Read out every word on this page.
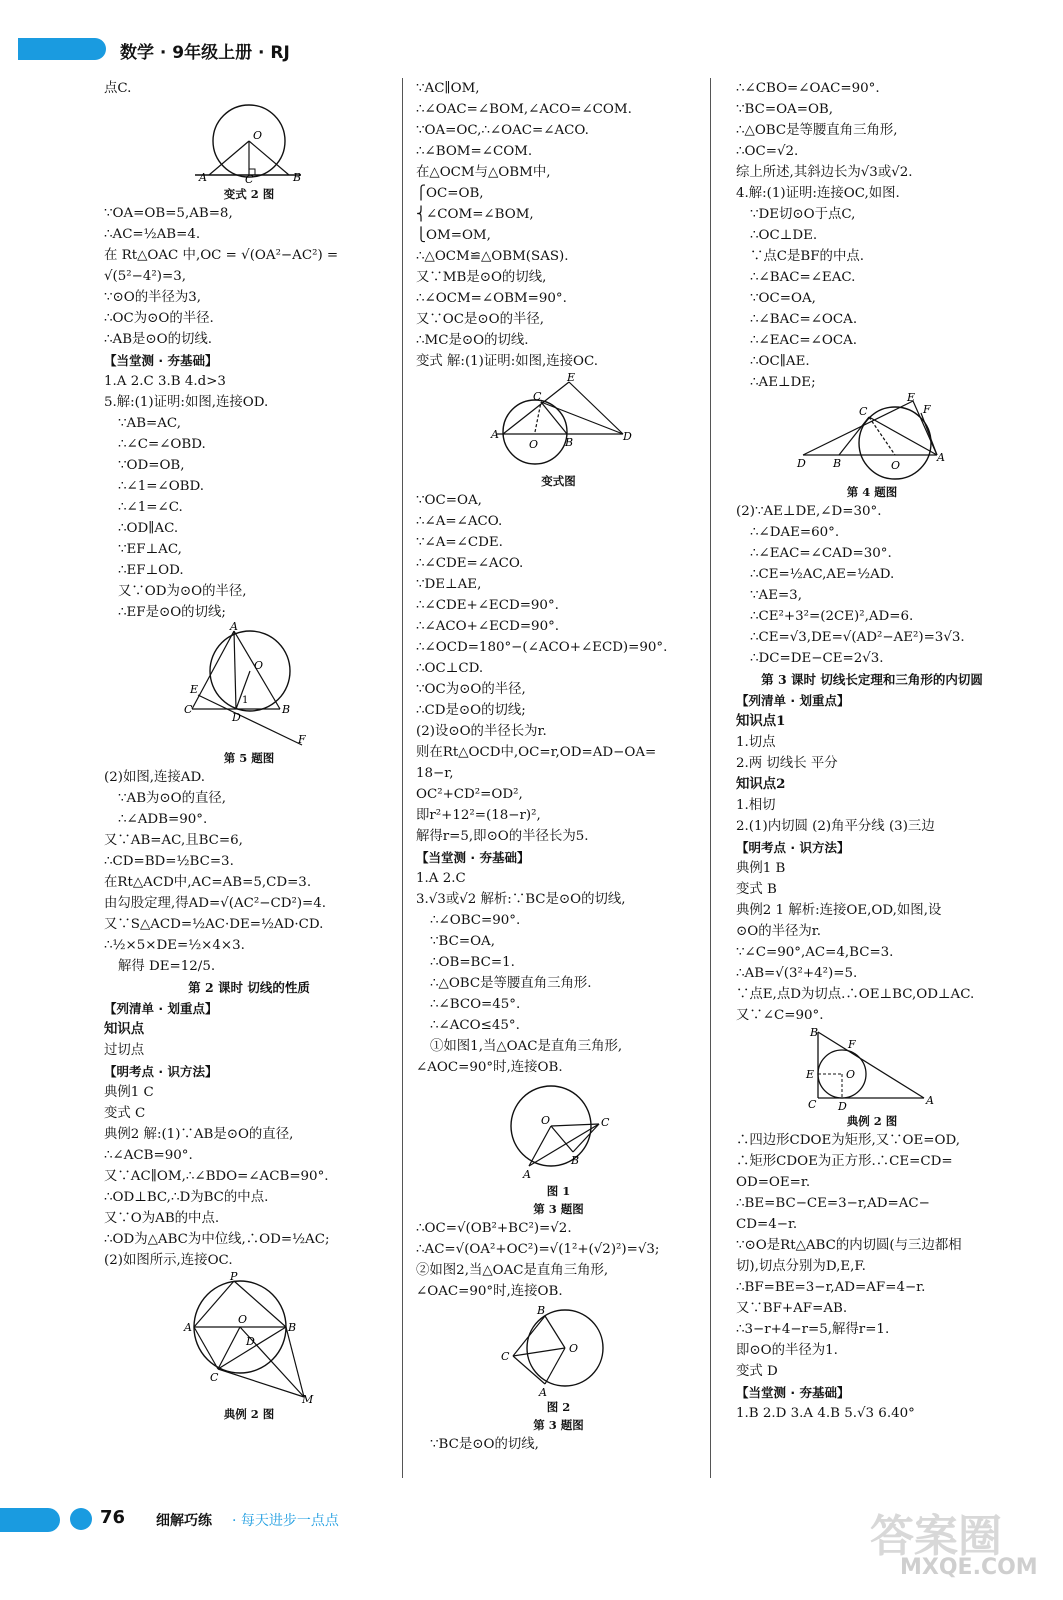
数学 · 9年级上册 · RJ
点C.
O
A	C	B
变式 2 图
∵OA=OB=5,AB=8,
∴AC=½AB=4.
在 Rt△OAC 中,OC = √(OA²−AC²) =
√(5²−4²)=3,
∵⊙O的半径为3,
∴OC为⊙O的半径.
∴AB是⊙O的切线.
【当堂测 · 夯基础】
1.A 2.C 3.B 4.d>3
5.解:(1)证明:如图,连接OD.
∵AB=AC,
∴∠C=∠OBD.
∵OD=OB,
∴∠1=∠OBD.
∴∠1=∠C.
∴OD∥AC.
∵EF⊥AC,
∴EF⊥OD.
又∵OD为⊙O的半径,
∴EF是⊙O的切线;
A
O
E
C
D
1
B
F
第 5 题图
(2)如图,连接AD.
∵AB为⊙O的直径,
∴∠ADB=90°.
又∵AB=AC,且BC=6,
∴CD=BD=½BC=3.
在Rt△ACD中,AC=AB=5,CD=3.
由勾股定理,得AD=√(AC²−CD²)=4.
又∵S△ACD=½AC·DE=½AD·CD.
∴½×5×DE=½×4×3.
解得 DE=12/5.
第 2 课时 切线的性质
【列清单 · 划重点】
知识点
过切点
【明考点 · 识方法】
典例1 C
变式 C
典例2 解:(1)∵AB是⊙O的直径,
∴∠ACB=90°.
又∵AC∥OM,∴∠BDO=∠ACB=90°.
∴OD⊥BC,∴D为BC的中点.
又∵O为AB的中点.
∴OD为△ABC为中位线,∴OD=½AC;
(2)如图所示,连接OC.
P
A
O
D
B
C
M
典例 2 图
∵AC∥OM,
∴∠OAC=∠BOM,∠ACO=∠COM.
∵OA=OC,∴∠OAC=∠ACO.
∴∠BOM=∠COM.
在△OCM与△OBM中,
⎧OC=OB,
⎨∠COM=∠BOM,
⎩OM=OM,
∴△OCM≌△OBM(SAS).
又∵MB是⊙O的切线,
∴∠OCM=∠OBM=90°.
又∵OC是⊙O的半径,
∴MC是⊙O的切线.
变式 解:(1)证明:如图,连接OC.
E
C
A
O B	D
变式图
∵OC=OA,
∴∠A=∠ACO.
∵∠A=∠CDE.
∴∠CDE=∠ACO.
∵DE⊥AE,
∴∠CDE+∠ECD=90°.
∴∠ACO+∠ECD=90°.
∴∠OCD=180°−(∠ACO+∠ECD)=90°.
∴OC⊥CD.
∵OC为⊙O的半径,
∴CD是⊙O的切线;
(2)设⊙O的半径长为r.
则在Rt△OCD中,OC=r,OD=AD−OA=
18−r,
OC²+CD²=OD²,
即r²+12²=(18−r)²,
解得r=5,即⊙O的半径长为5.
【当堂测 · 夯基础】
1.A 2.C
3.√3或√2 解析:∵BC是⊙O的切线,
∴∠OBC=90°.
∵BC=OA,
∴OB=BC=1.
∴△OBC是等腰直角三角形.
∴∠BCO=45°.
∴∠ACO≤45°.
①如图1,当△OAC是直角三角形,
∠AOC=90°时,连接OB.
O	C
B
A
图 1
第 3 题图
∴OC=√(OB²+BC²)=√2.
∴AC=√(OA²+OC²)=√(1²+(√2)²)=√3;
②如图2,当△OAC是直角三角形,
∠OAC=90°时,连接OB.
B
O
C
A
图 2
第 3 题图
∵BC是⊙O的切线,
∴∠CBO=∠OAC=90°.
∵BC=OA=OB,
∴△OBC是等腰直角三角形,
∴OC=√2.
综上所述,其斜边长为√3或√2.
4.解:(1)证明:连接OC,如图.
∵DE切⊙O于点C,
∴OC⊥DE.
∵点C是BF的中点.
∴∠BAC=∠EAC.
∵OC=OA,
∴∠BAC=∠OCA.
∴∠EAC=∠OCA.
∴OC∥AE.
∴AE⊥DE;
C
E
F
D B	O
A
第 4 题图
(2)∵AE⊥DE,∠D=30°.
∴∠DAE=60°.
∴∠EAC=∠CAD=30°.
∴CE=½AC,AE=½AD.
∵AE=3,
∴CE²+3²=(2CE)²,AD=6.
∴CE=√3,DE=√(AD²−AE²)=3√3.
∴DC=DE−CE=2√3.
第 3 课时 切线长定理和三角形的内切圆
【列清单 · 划重点】
知识点1
1.切点
2.两 切线长 平分
知识点2
1.相切
2.(1)内切圆 (2)角平分线 (3)三边
【明考点 · 识方法】
典例1 B
变式 B
典例2 1 解析:连接OE,OD,如图,设
⊙O的半径为r.
∵∠C=90°,AC=4,BC=3.
∴AB=√(3²+4²)=5.
∵点E,点D为切点.∴OE⊥BC,OD⊥AC.
又∵∠C=90°.
B
F
E	O
C D	A
典例 2 图
∴四边形CDOE为矩形,又∵OE=OD,
∴矩形CDOE为正方形.∴CE=CD=
OD=OE=r.
∴BE=BC−CE=3−r,AD=AC−
CD=4−r.
∵⊙O是Rt△ABC的内切圆(与三边都相
切),切点分别为D,E,F.
∴BF=BE=3−r,AD=AF=4−r.
又∵BF+AF=AB.
∴3−r+4−r=5,解得r=1.
即⊙O的半径为1.
变式 D
【当堂测 · 夯基础】
1.B 2.D 3.A 4.B 5.√3 6.40°
76 细解巧练 · 每天进步一点点	答案圈
MXQE.COM
